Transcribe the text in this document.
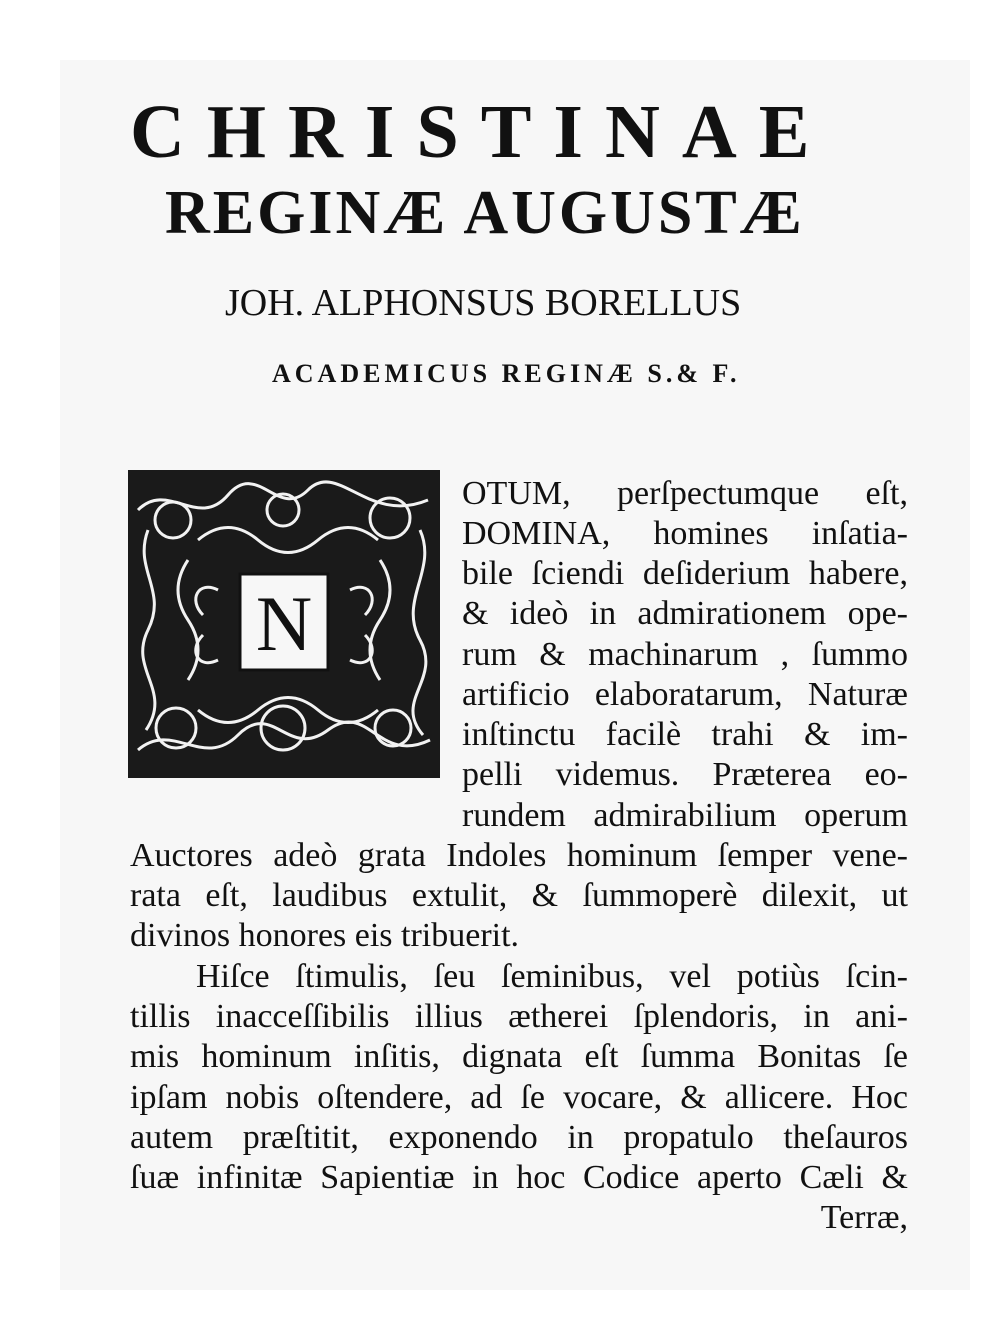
CHRISTINAE
REGINÆ AUGUSTÆ
JOH. ALPHONSUS BORELLUS
ACADEMICUS REGINÆ S.& F.
N
OTUM, perſpectumque eſt,
DOMINA, homines inſatia-
bile ſciendi deſiderium habere,
& ideò in admirationem ope-
rum & machinarum , ſummo
artificio elaboratarum, Naturæ
inſtinctu facilè trahi & im-
pelli videmus. Præterea eo-
rundem admirabilium operum
Auctores adeò grata Indoles hominum ſemper vene-
rata eſt, laudibus extulit, & ſummoperè dilexit, ut
divinos honores eis tribuerit.
Hiſce ſtimulis, ſeu ſeminibus, vel potiùs ſcin-
tillis inacceſſibilis illius ætherei ſplendoris, in ani-
mis hominum inſitis, dignata eſt ſumma Bonitas ſe
ipſam nobis oſtendere, ad ſe vocare, & allicere. Hoc
autem præſtitit, exponendo in propatulo theſauros
ſuæ infinitæ Sapientiæ in hoc Codice aperto Cæli &
Terræ,
